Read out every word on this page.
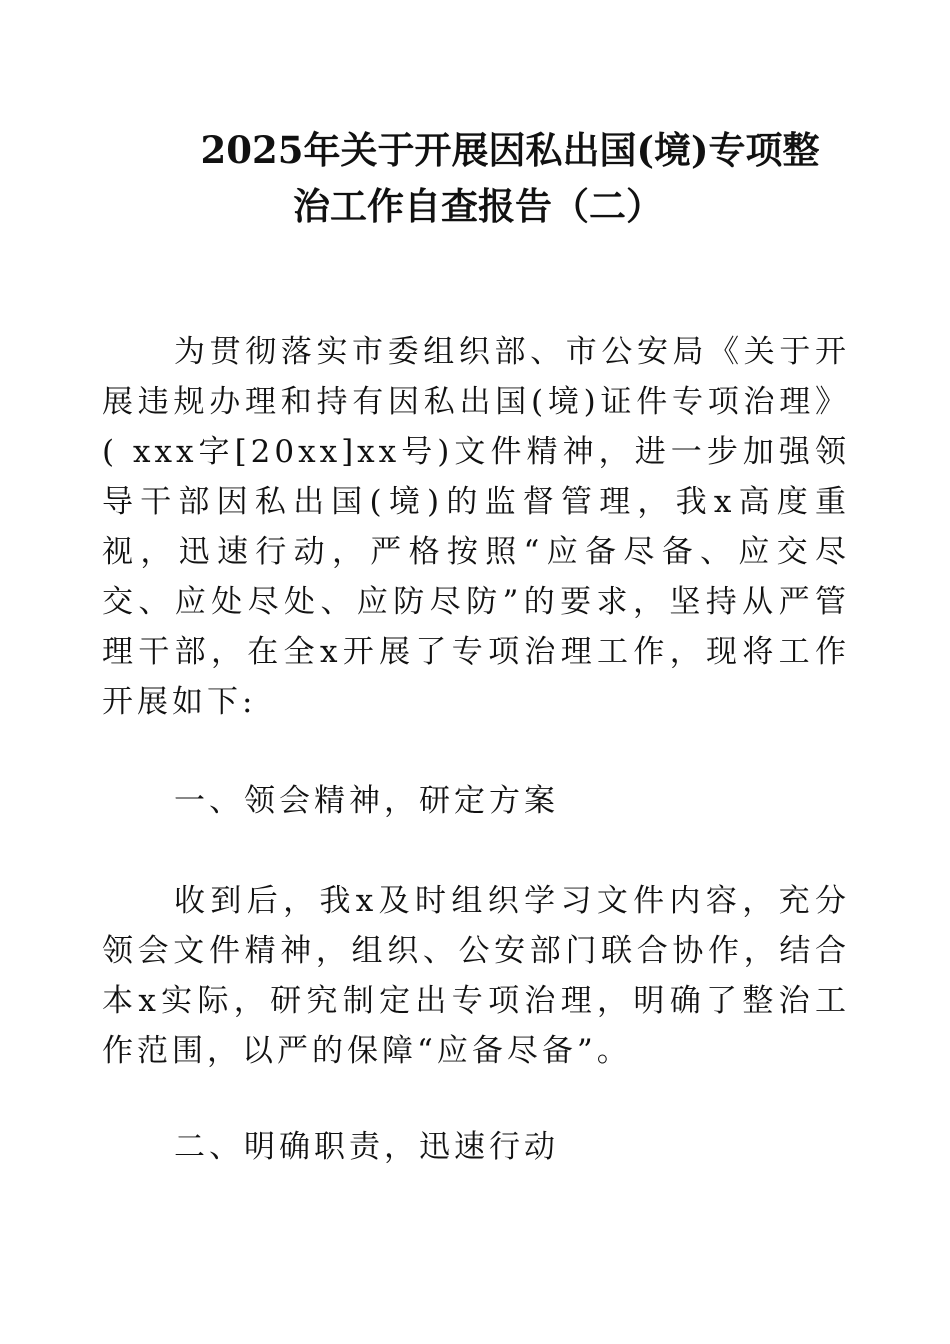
2025年关于开展因私出国(境)专项整
治工作自查报告（二）

为贯彻落实市委组织部、市公安局《关于开展违规办理和持有因私出国(境)证件专项治理》( xxx字[20xx]xx号)文件精神，进一步加强领导干部因私出国(境)的监督管理，我x高度重视，迅速行动，严格按照“应备尽备、应交尽交、应处尽处、应防尽防”的要求，坚持从严管理干部，在全x开展了专项治理工作，现将工作开展如下:

一、领会精神，研定方案

收到后，我x及时组织学习文件内容，充分领会文件精神，组织、公安部门联合协作，结合本x实际，研究制定出专项治理，明确了整治工作范围，以严的保障“应备尽备”。

二、明确职责，迅速行动
